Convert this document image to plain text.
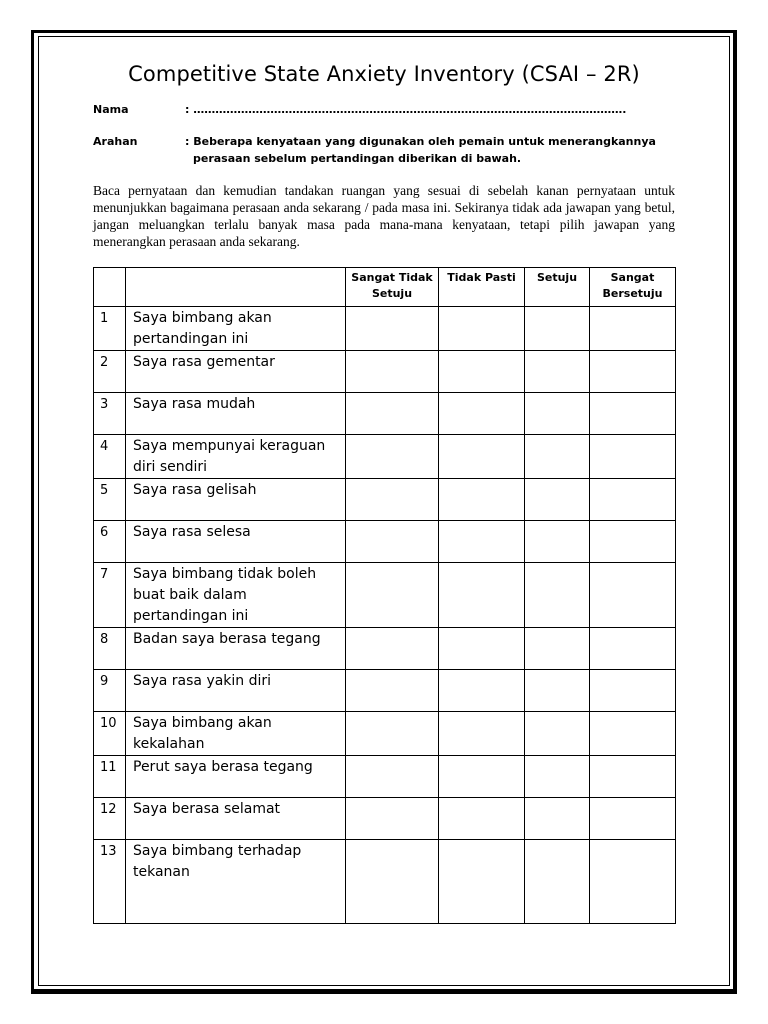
Competitive State Anxiety Inventory (CSAI – 2R)
Nama	: ……………………………………………………………………………………………………….
Arahan	: Beberapa kenyataan yang digunakan oleh pemain untuk menerangkannya
perasaan sebelum pertandingan diberikan di bawah.
Baca pernyataan dan kemudian tandakan ruangan yang sesuai di sebelah kanan pernyataan untuk menunjukkan bagaimana perasaan anda sekarang / pada masa ini. Sekiranya tidak ada jawapan yang betul, jangan meluangkan terlalu banyak masa pada mana-mana kenyataan, tetapi pilih jawapan yang menerangkan perasaan anda sekarang.
		Sangat Tidak Setuju	Tidak Pasti	Setuju	Sangat Bersetuju
1	Saya bimbang akan pertandingan ini				
2	Saya rasa gementar				
3	Saya rasa mudah				
4	Saya mempunyai keraguan diri sendiri				
5	Saya rasa gelisah				
6	Saya rasa selesa				
7	Saya bimbang tidak boleh buat baik dalam pertandingan ini				
8	Badan saya berasa tegang				
9	Saya rasa yakin diri				
10	Saya bimbang akan kekalahan				
11	Perut saya berasa tegang				
12	Saya berasa selamat				
13	Saya bimbang terhadap tekanan				
